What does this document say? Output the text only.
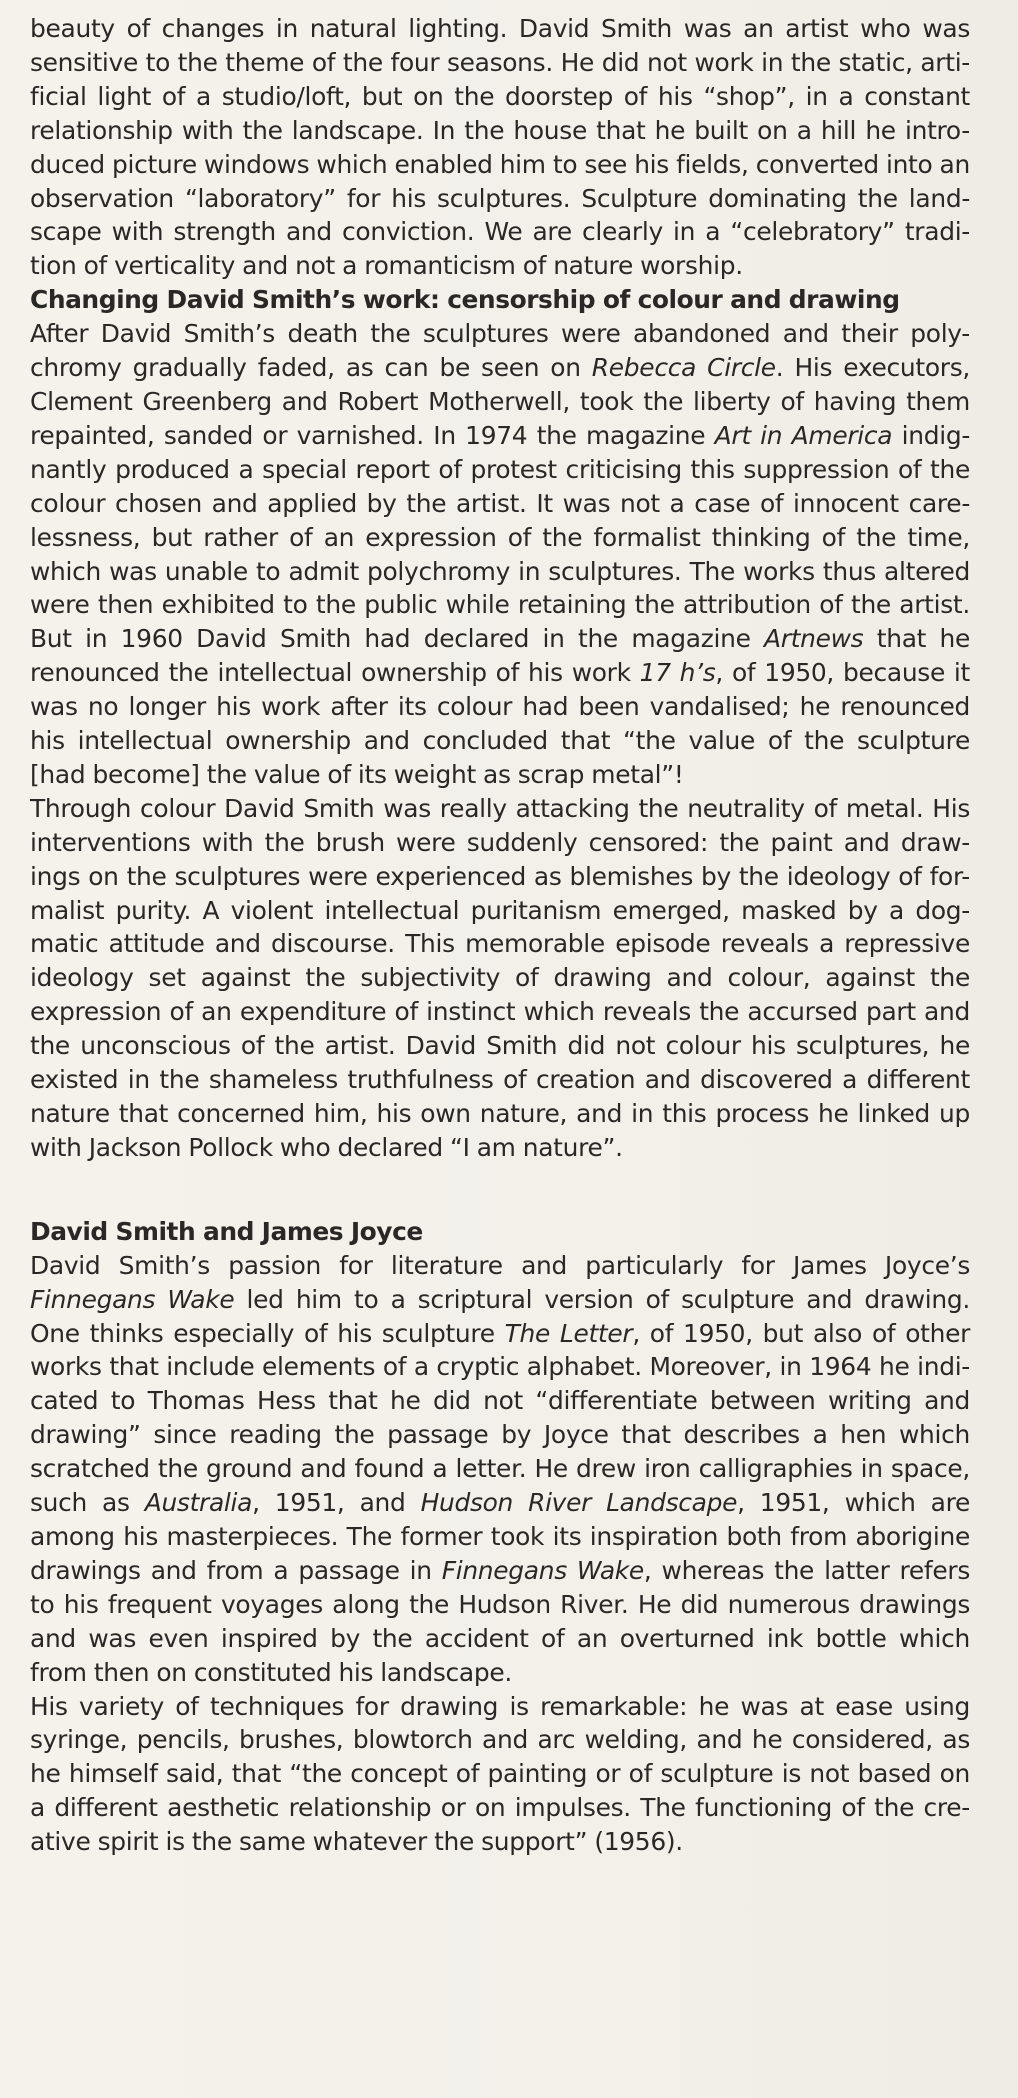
beauty of changes in natural lighting. David Smith was an artist who was
sensitive to the theme of the four seasons. He did not work in the static, arti-
ficial light of a studio/loft, but on the doorstep of his “shop”, in a constant
relationship with the landscape. In the house that he built on a hill he intro-
duced picture windows which enabled him to see his fields, converted into an
observation “laboratory” for his sculptures. Sculpture dominating the land-
scape with strength and conviction. We are clearly in a “celebratory” tradi-
tion of verticality and not a romanticism of nature worship.
Changing David Smith’s work: censorship of colour and drawing
After David Smith’s death the sculptures were abandoned and their poly-
chromy gradually faded, as can be seen on Rebecca Circle. His executors,
Clement Greenberg and Robert Motherwell, took the liberty of having them
repainted, sanded or varnished. In 1974 the magazine Art in America indig-
nantly produced a special report of protest criticising this suppression of the
colour chosen and applied by the artist. It was not a case of innocent care-
lessness, but rather of an expression of the formalist thinking of the time,
which was unable to admit polychromy in sculptures. The works thus altered
were then exhibited to the public while retaining the attribution of the artist.
But in 1960 David Smith had declared in the magazine Artnews that he
renounced the intellectual ownership of his work 17 h’s, of 1950, because it
was no longer his work after its colour had been vandalised; he renounced
his intellectual ownership and concluded that “the value of the sculpture
[had become] the value of its weight as scrap metal”!
Through colour David Smith was really attacking the neutrality of metal. His
interventions with the brush were suddenly censored: the paint and draw-
ings on the sculptures were experienced as blemishes by the ideology of for-
malist purity. A violent intellectual puritanism emerged, masked by a dog-
matic attitude and discourse. This memorable episode reveals a repressive
ideology set against the subjectivity of drawing and colour, against the
expression of an expenditure of instinct which reveals the accursed part and
the unconscious of the artist. David Smith did not colour his sculptures, he
existed in the shameless truthfulness of creation and discovered a different
nature that concerned him, his own nature, and in this process he linked up
with Jackson Pollock who declared “I am nature”.
David Smith and James Joyce
David Smith’s passion for literature and particularly for James Joyce’s
Finnegans Wake led him to a scriptural version of sculpture and drawing.
One thinks especially of his sculpture The Letter, of 1950, but also of other
works that include elements of a cryptic alphabet. Moreover, in 1964 he indi-
cated to Thomas Hess that he did not “differentiate between writing and
drawing” since reading the passage by Joyce that describes a hen which
scratched the ground and found a letter. He drew iron calligraphies in space,
such as Australia, 1951, and Hudson River Landscape, 1951, which are
among his masterpieces. The former took its inspiration both from aborigine
drawings and from a passage in Finnegans Wake, whereas the latter refers
to his frequent voyages along the Hudson River. He did numerous drawings
and was even inspired by the accident of an overturned ink bottle which
from then on constituted his landscape.
His variety of techniques for drawing is remarkable: he was at ease using
syringe, pencils, brushes, blowtorch and arc welding, and he considered, as
he himself said, that “the concept of painting or of sculpture is not based on
a different aesthetic relationship or on impulses. The functioning of the cre-
ative spirit is the same whatever the support” (1956).
